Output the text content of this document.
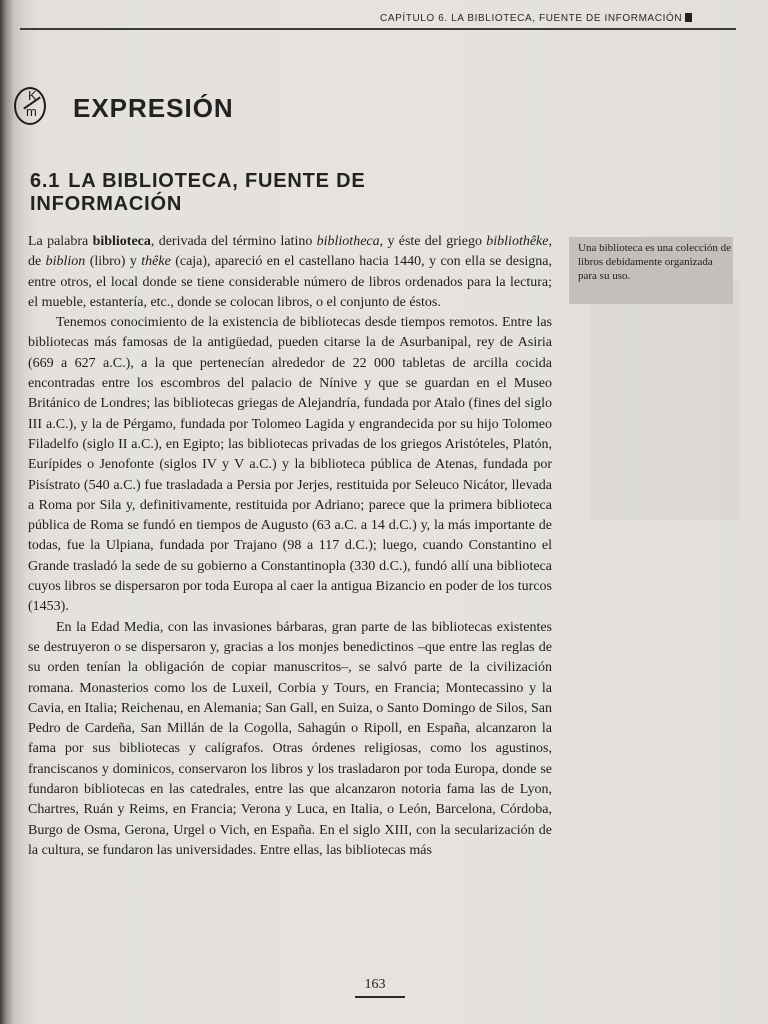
CAPÍTULO 6. LA BIBLIOTECA, FUENTE DE INFORMACIÓN
K
m EXPRESIÓN
6.1 LA BIBLIOTECA, FUENTE DE INFORMACIÓN
Una biblioteca es una colección de libros debidamente organizada para su uso.

La palabra biblioteca, derivada del término latino bibliotheca, y éste del griego bibliothêke, de biblion (libro) y thêke (caja), apareció en el castellano hacia 1440, y con ella se designa, entre otros, el local donde se tiene considerable número de libros ordenados para la lectura; el mueble, estantería, etc., donde se colocan libros, o el conjunto de éstos.

Tenemos conocimiento de la existencia de bibliotecas desde tiempos remotos. Entre las bibliotecas más famosas de la antigüedad, pueden citarse la de Asurbanipal, rey de Asiria (669 a 627 a.C.), a la que pertenecían alrededor de 22 000 tabletas de arcilla cocida encontradas entre los escombros del palacio de Nínive y que se guardan en el Museo Británico de Londres; las bibliotecas griegas de Alejandría, fundada por Atalo (fines del siglo III a.C.), y la de Pérgamo, fundada por Tolomeo Lagida y engrandecida por su hijo Tolomeo Filadelfo (siglo II a.C.), en Egipto; las bibliotecas privadas de los griegos Aristóteles, Platón, Eurípides o Jenofonte (siglos IV y V a.C.) y la biblioteca pública de Atenas, fundada por Pisístrato (540 a.C.) fue trasladada a Persia por Jerjes, restituida por Seleuco Nicátor, llevada a Roma por Sila y, definitivamente, restituida por Adriano; parece que la primera biblioteca pública de Roma se fundó en tiempos de Augusto (63 a.C. a 14 d.C.) y, la más importante de todas, fue la Ulpiana, fundada por Trajano (98 a 117 d.C.); luego, cuando Constantino el Grande trasladó la sede de su gobierno a Constantinopla (330 d.C.), fundó allí una biblioteca cuyos libros se dispersaron por toda Europa al caer la antigua Bizancio en poder de los turcos (1453).

En la Edad Media, con las invasiones bárbaras, gran parte de las bibliotecas existentes se destruyeron o se dispersaron y, gracias a los monjes benedictinos –que entre las reglas de su orden tenían la obligación de copiar manuscritos–, se salvó parte de la civilización romana. Monasterios como los de Luxeil, Corbia y Tours, en Francia; Montecassino y la Cavia, en Italia; Reichenau, en Alemania; San Gall, en Suiza, o Santo Domingo de Silos, San Pedro de Cardeña, San Millán de la Cogolla, Sahagún o Ripoll, en España, alcanzaron la fama por sus bibliotecas y calígrafos. Otras órdenes religiosas, como los agustinos, franciscanos y dominicos, conservaron los libros y los trasladaron por toda Europa, donde se fundaron bibliotecas en las catedrales, entre las que alcanzaron notoria fama las de Lyon, Chartres, Ruán y Reims, en Francia; Verona y Luca, en Italia, o León, Barcelona, Córdoba, Burgo de Osma, Gerona, Urgel o Vich, en España. En el siglo XIII, con la secularización de la cultura, se fundaron las universidades. Entre ellas, las bibliotecas más

163
